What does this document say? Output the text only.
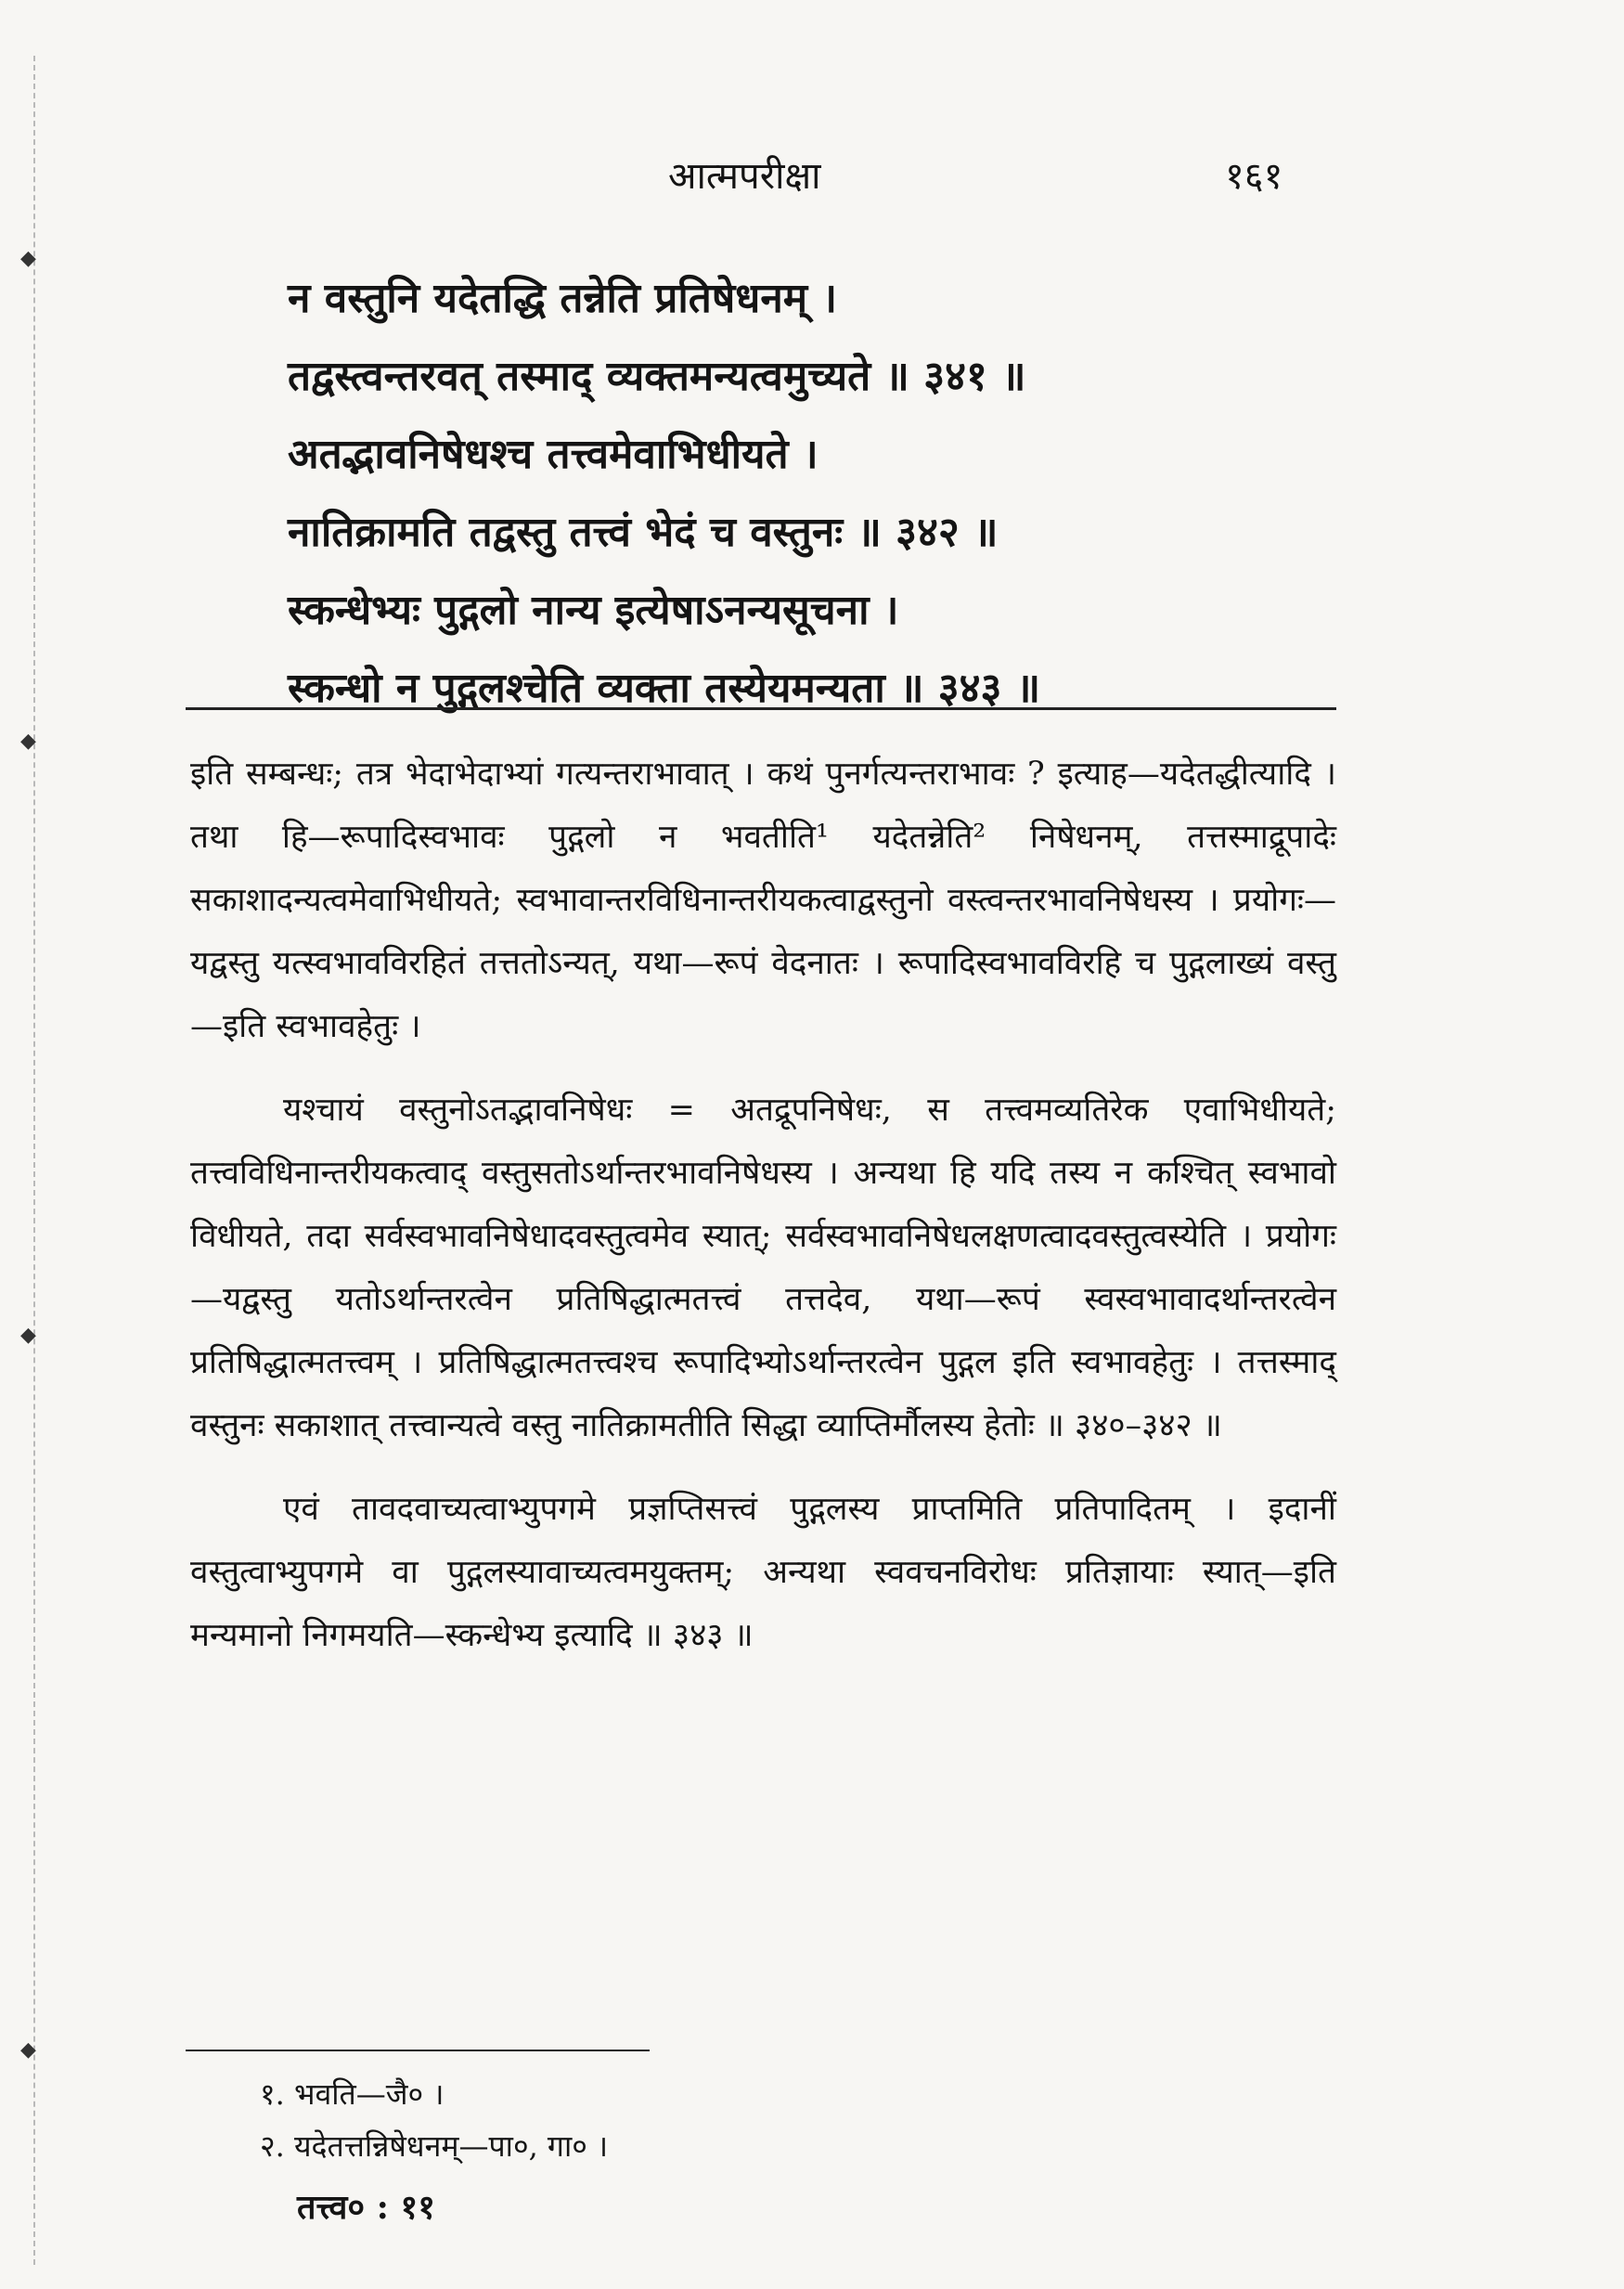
◆
◆
◆
◆
आत्मपरीक्षा	१६१
न वस्तुनि यदेतद्धि तन्नेति प्रतिषेधनम् ।
तद्वस्त्वन्तरवत् तस्माद् व्यक्तमन्यत्वमुच्यते ॥ ३४१ ॥
अतद्भावनिषेधश्च तत्त्वमेवाभिधीयते ।
नातिक्रामति तद्वस्तु तत्त्वं भेदं च वस्तुनः ॥ ३४२ ॥
स्कन्धेभ्यः पुद्गलो नान्य इत्येषाऽनन्यसूचना ।
स्कन्धो न पुद्गलश्चेति व्यक्ता तस्येयमन्यता ॥ ३४३ ॥

इति सम्बन्धः; तत्र भेदाभेदाभ्यां गत्यन्तराभावात् । कथं पुनर्गत्यन्तराभावः ? इत्याह—यदेतद्धीत्यादि । तथा हि—रूपादिस्वभावः पुद्गलो न भवतीति¹ यदेतन्नेति² निषेधनम्, तत्तस्माद्रूपादेः सकाशादन्यत्वमेवाभिधीयते; स्वभावान्तरविधिनान्तरीयकत्वाद्वस्तुनो वस्त्वन्तरभावनिषेधस्य । प्रयोगः—यद्वस्तु यत्स्वभावविरहितं तत्ततोऽन्यत्, यथा—रूपं वेदनातः । रूपादिस्वभावविरहि च पुद्गलाख्यं वस्तु—इति स्वभावहेतुः ।

यश्चायं वस्तुनोऽतद्भावनिषेधः = अतद्रूपनिषेधः, स तत्त्वमव्यतिरेक एवाभिधीयते; तत्त्वविधिनान्तरीयकत्वाद् वस्तुसतोऽर्थान्तरभावनिषेधस्य । अन्यथा हि यदि तस्य न कश्चित् स्वभावो विधीयते, तदा सर्वस्वभावनिषेधादवस्तुत्वमेव स्यात्; सर्वस्वभावनिषेधलक्षणत्वादवस्तुत्वस्येति । प्रयोगः—यद्वस्तु यतोऽर्थान्तरत्वेन प्रतिषिद्धात्मतत्त्वं तत्तदेव, यथा—रूपं स्वस्वभावादर्थान्तरत्वेन प्रतिषिद्धात्मतत्त्वम् । प्रतिषिद्धात्मतत्त्वश्च रूपादिभ्योऽर्थान्तरत्वेन पुद्गल इति स्वभावहेतुः । तत्तस्माद् वस्तुनः सकाशात् तत्त्वान्यत्वे वस्तु नातिक्रामतीति सिद्धा व्याप्तिर्मौलस्य हेतोः ॥ ३४०–३४२ ॥

एवं तावदवाच्यत्वाभ्युपगमे प्रज्ञप्तिसत्त्वं पुद्गलस्य प्राप्तमिति प्रतिपादितम् । इदानीं वस्तुत्वाभ्युपगमे वा पुद्गलस्यावाच्यत्वमयुक्तम्; अन्यथा स्ववचनविरोधः प्रतिज्ञायाः स्यात्—इति मन्यमानो निगमयति—स्कन्धेभ्य इत्यादि ॥ ३४३ ॥

१. भवति—जै० ।
२. यदेतत्तन्निषेधनम्—पा०, गा० ।
तत्त्व० : ११
